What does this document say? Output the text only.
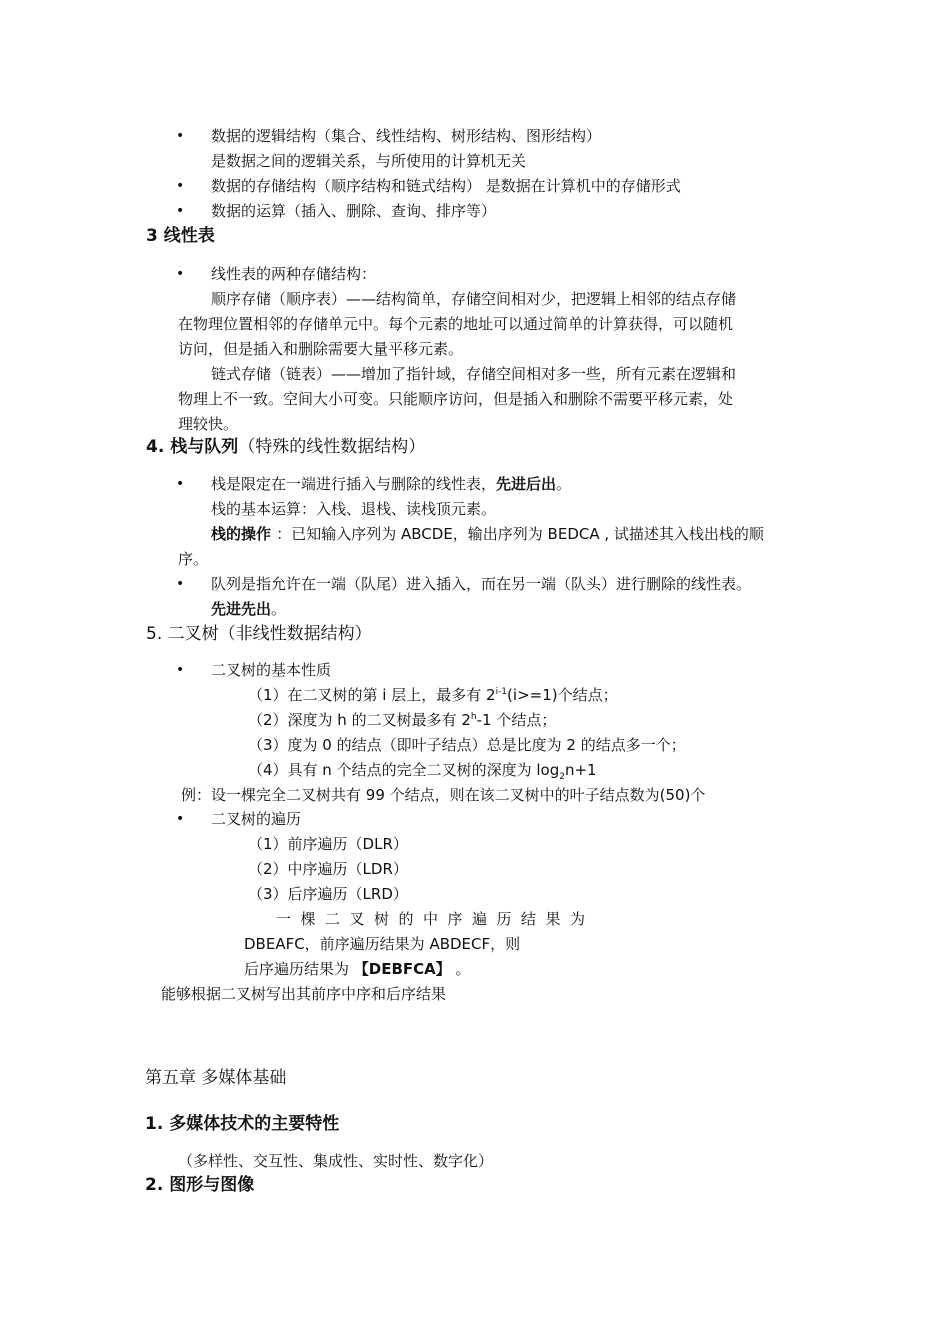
• 数据的逻辑结构（集合、线性结构、树形结构、图形结构）
是数据之间的逻辑关系，与所使用的计算机无关
• 数据的存储结构（顺序结构和链式结构） 是数据在计算机中的存储形式
• 数据的运算（插入、删除、查询、排序等）
3 线性表
• 线性表的两种存储结构：
顺序存储（顺序表）——结构简单，存储空间相对少，把逻辑上相邻的结点存储
在物理位置相邻的存储单元中。每个元素的地址可以通过简单的计算获得，可以随机
访问，但是插入和删除需要大量平移元素。
链式存储（链表）——增加了指针域，存储空间相对多一些，所有元素在逻辑和
物理上不一致。空间大小可变。只能顺序访问，但是插入和删除不需要平移元素，处
理较快。
4. 栈与队列（特殊的线性数据结构）
• 栈是限定在一端进行插入与删除的线性表，先进后出。
栈的基本运算：入栈、退栈、读栈顶元素。
栈的操作 ：已知输入序列为 ABCDE，输出序列为 BEDCA , 试描述其入栈出栈的顺
序。
• 队列是指允许在一端（队尾）进入插入，而在另一端（队头）进行删除的线性表。
先进先出。
5. 二叉树（非线性数据结构）
• 二叉树的基本性质
（1）在二叉树的第 i 层上，最多有 $2^{i-1}(i>=1)$个结点；
（2）深度为 h 的二叉树最多有 2$^h$-1 个结点；
（3）度为 0 的结点（即叶子结点）总是比度为 2 的结点多一个；
（4）具有 n 个结点的完全二叉树的深度为 $\log_2n+1$
例：设一棵完全二叉树共有 99 个结点，则在该二叉树中的叶子结点数为(50)个
• 二叉树的遍历
（1）前序遍历（DLR）
（2）中序遍历（LDR）
（3）后序遍历（LRD）
一棵二叉树的中序遍历结果为
DBEAFC，前序遍历结果为 ABDECF，则
后序遍历结果为 【DEBFCA】 。
能够根据二叉树写出其前序中序和后序结果
第五章 多媒体基础
1. 多媒体技术的主要特性
（多样性、交互性、集成性、实时性、数字化）
2. 图形与图像
